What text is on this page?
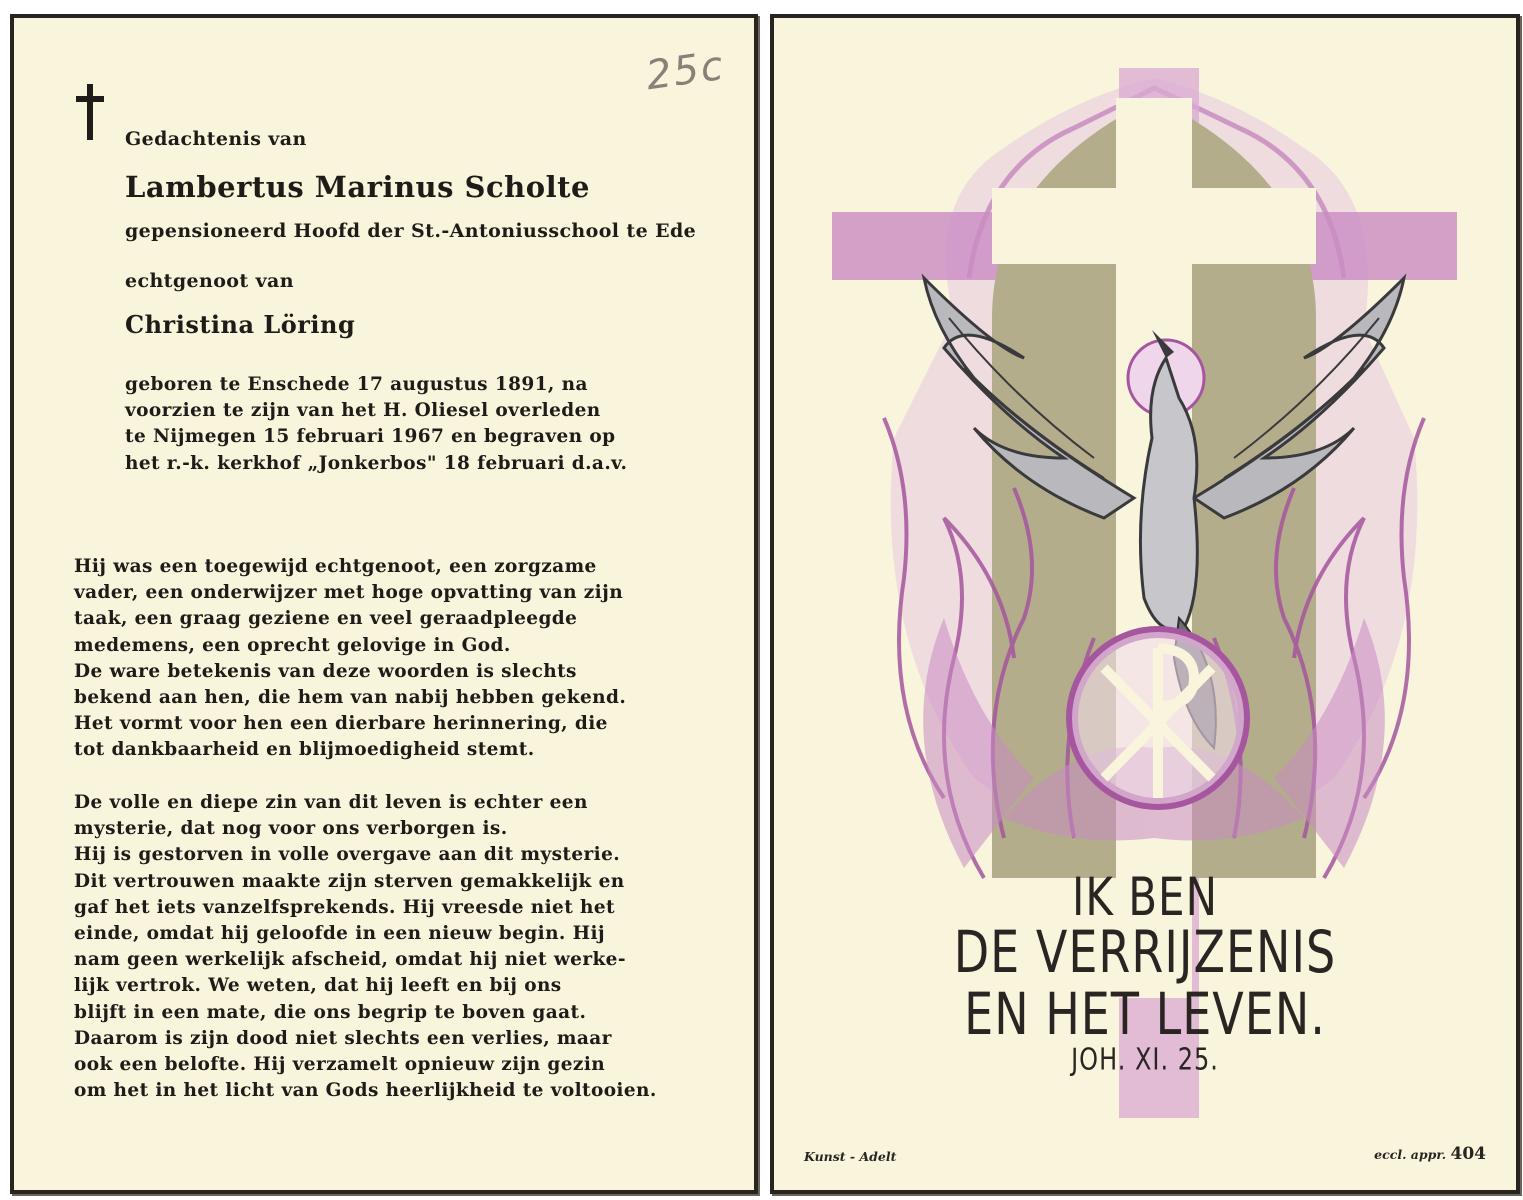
25c
Gedachtenis van
Lambertus Marinus Scholte
gepensioneerd Hoofd der St.-Antoniusschool te Ede
echtgenoot van
Christina Löring
geboren te Enschede 17 augustus 1891, na
voorzien te zijn van het H. Oliesel overleden
te Nijmegen 15 februari 1967 en begraven op
het r.-k. kerkhof „Jonkerbos" 18 februari d.a.v.
Hij was een toegewijd echtgenoot, een zorgzame
vader, een onderwijzer met hoge opvatting van zijn
taak, een graag geziene en veel geraadpleegde
medemens, een oprecht gelovige in God.
De ware betekenis van deze woorden is slechts
bekend aan hen, die hem van nabij hebben gekend.
Het vormt voor hen een dierbare herinnering, die
tot dankbaarheid en blijmoedigheid stemt.
De volle en diepe zin van dit leven is echter een
mysterie, dat nog voor ons verborgen is.
Hij is gestorven in volle overgave aan dit mysterie.
Dit vertrouwen maakte zijn sterven gemakkelijk en
gaf het iets vanzelfsprekends. Hij vreesde niet het
einde, omdat hij geloofde in een nieuw begin. Hij
nam geen werkelijk afscheid, omdat hij niet werke-
lijk vertrok. We weten, dat hij leeft en bij ons
blijft in een mate, die ons begrip te boven gaat.
Daarom is zijn dood niet slechts een verlies, maar
ook een belofte. Hij verzamelt opnieuw zijn gezin
om het in het licht van Gods heerlijkheid te voltooien.
IK BEN
DE VERRIJZENIS
EN HET LEVEN.
JOH. XI. 25.
Kunst - Adelt	eccl. appr. 404
